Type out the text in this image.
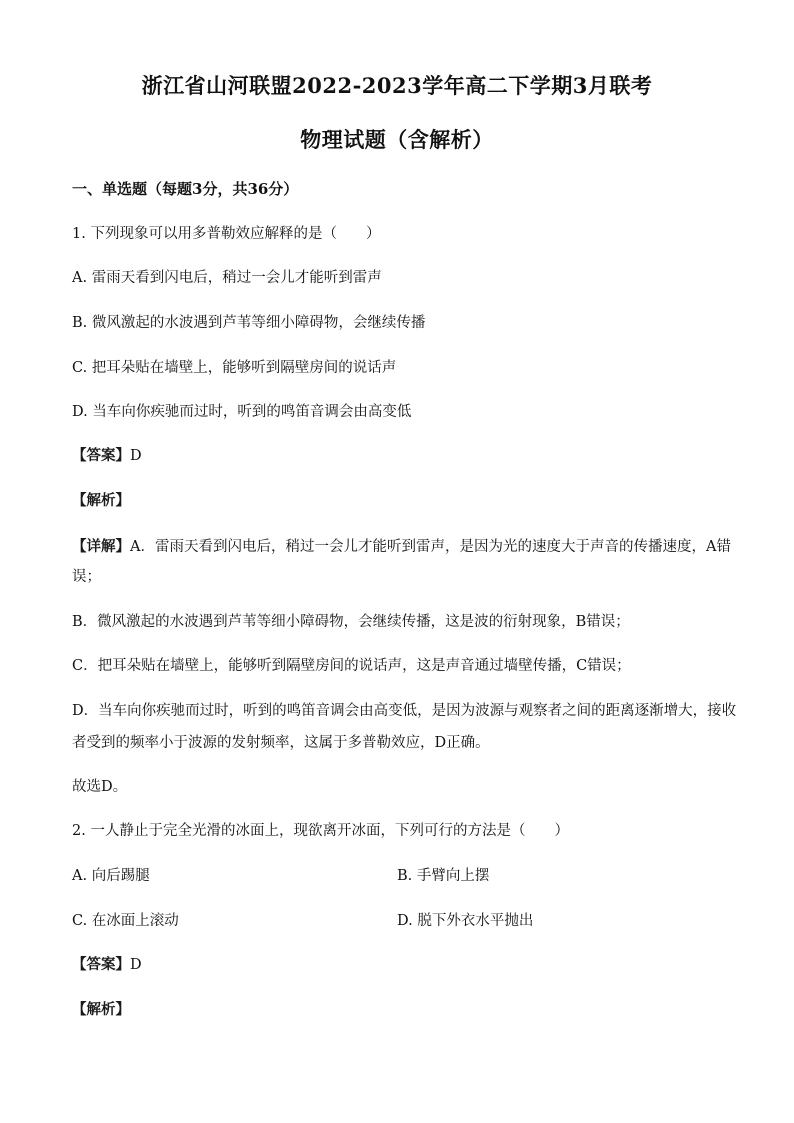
浙江省山河联盟2022-2023学年高二下学期3月联考
物理试题（含解析）
一、单选题（每题3分，共36分）
1. 下列现象可以用多普勒效应解释的是（　　）
A. 雷雨天看到闪电后，稍过一会儿才能听到雷声
B. 微风激起的水波遇到芦苇等细小障碍物，会继续传播
C. 把耳朵贴在墙壁上，能够听到隔壁房间的说话声
D. 当车向你疾驰而过时，听到的鸣笛音调会由高变低
【答案】D
【解析】
【详解】A．雷雨天看到闪电后，稍过一会儿才能听到雷声，是因为光的速度大于声音的传播速度，A错
误；
B．微风激起的水波遇到芦苇等细小障碍物，会继续传播，这是波的衍射现象，B错误；
C．把耳朵贴在墙壁上，能够听到隔壁房间的说话声，这是声音通过墙壁传播，C错误；
D．当车向你疾驰而过时，听到的鸣笛音调会由高变低，是因为波源与观察者之间的距离逐渐增大，接收
者受到的频率小于波源的发射频率，这属于多普勒效应，D正确。
故选D。
2. 一人静止于完全光滑的冰面上，现欲离开冰面，下列可行的方法是（　　）
A. 向后踢腿	B. 手臂向上摆
C. 在冰面上滚动	D. 脱下外衣水平抛出
【答案】D
【解析】
